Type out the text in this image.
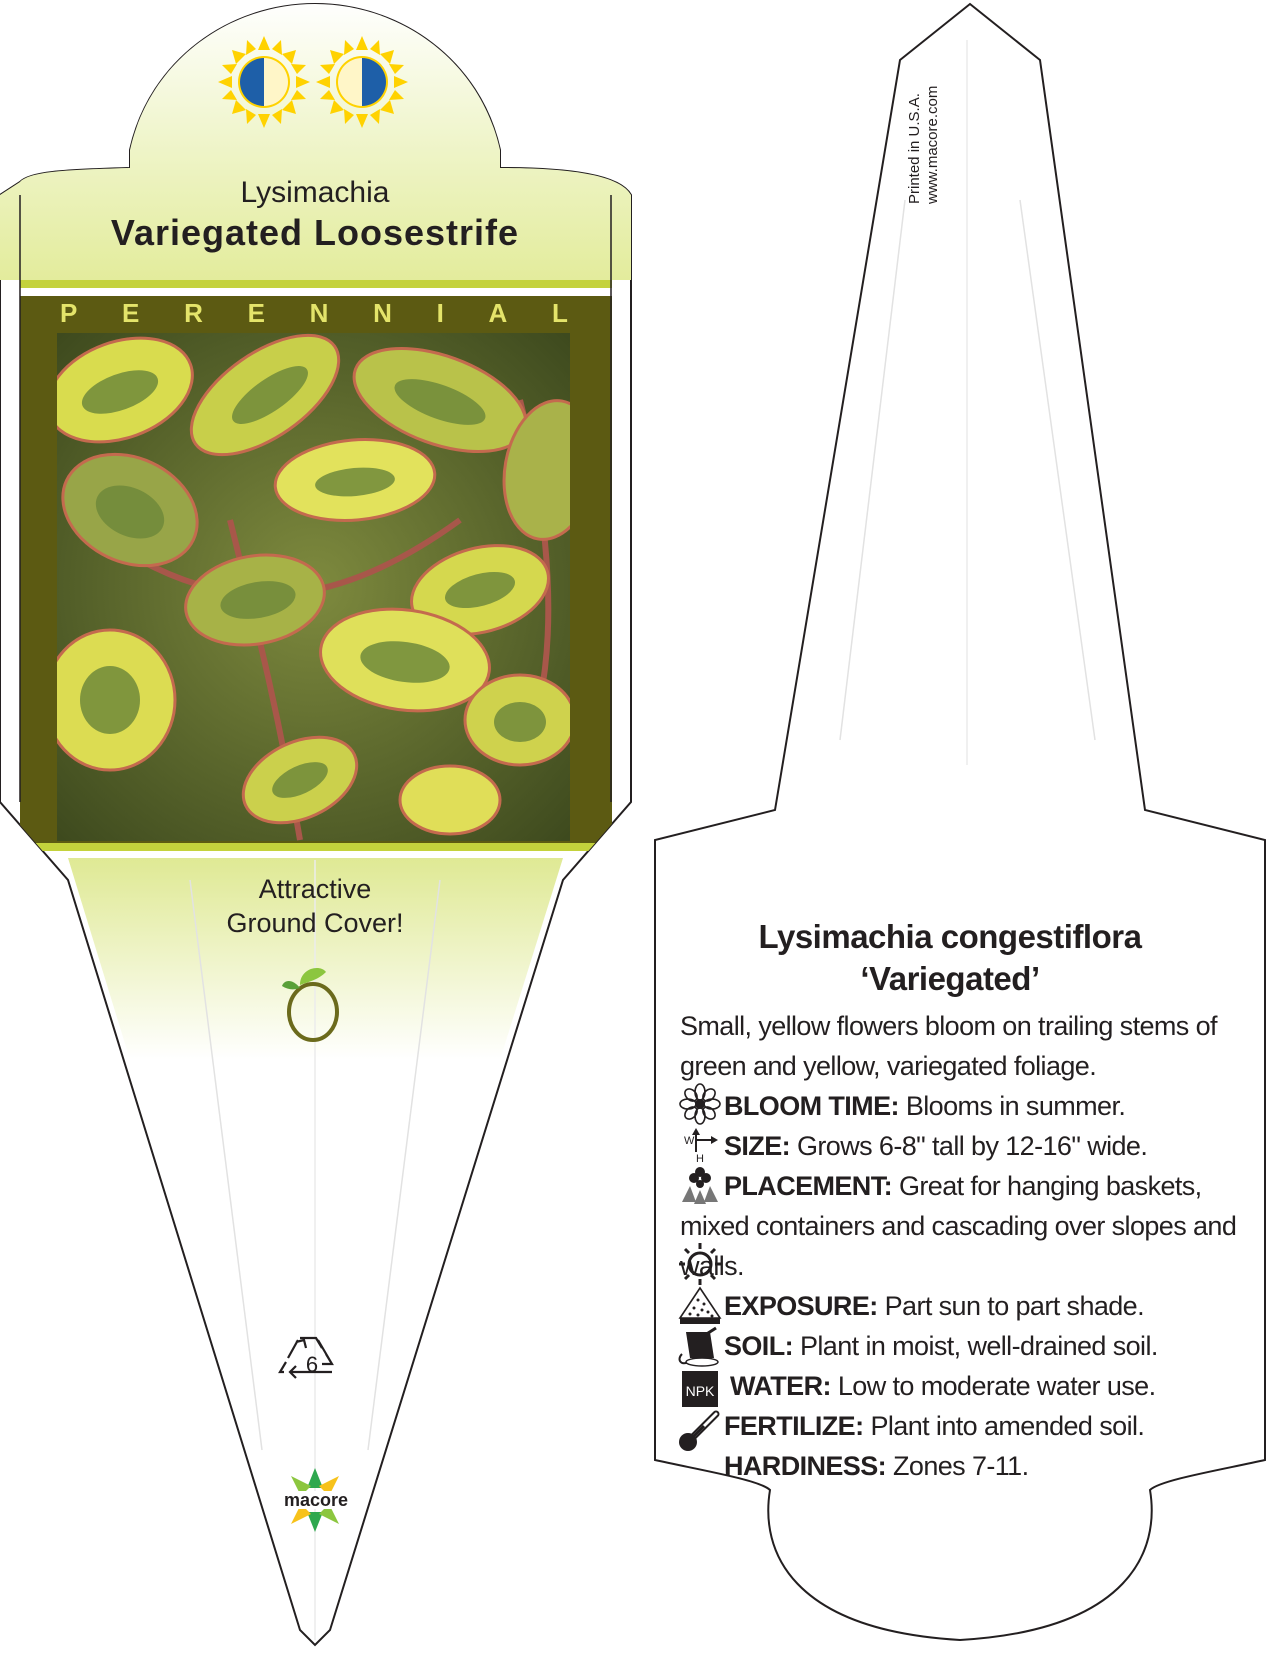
W
H
NPK
Lysimachia
Variegated Loosestrife
P E R E N N I A L
Attractive
Ground Cover!
6
macore
Printed in U.S.A. www.macore.com
Lysimachia congestiflora
‘Variegated’
Small, yellow flowers bloom on trailing stems of green and yellow, variegated foliage.
BLOOM TIME: Blooms in summer.
SIZE: Grows 6-8" tall by 12-16" wide.
PLACEMENT: Great for hanging baskets, mixed containers and cascading over slopes and walls.
EXPOSURE: Part sun to part shade.
SOIL: Plant in moist, well-drained soil.
WATER: Low to moderate water use.
FERTILIZE: Plant into amended soil.
HARDINESS: Zones 7-11.
